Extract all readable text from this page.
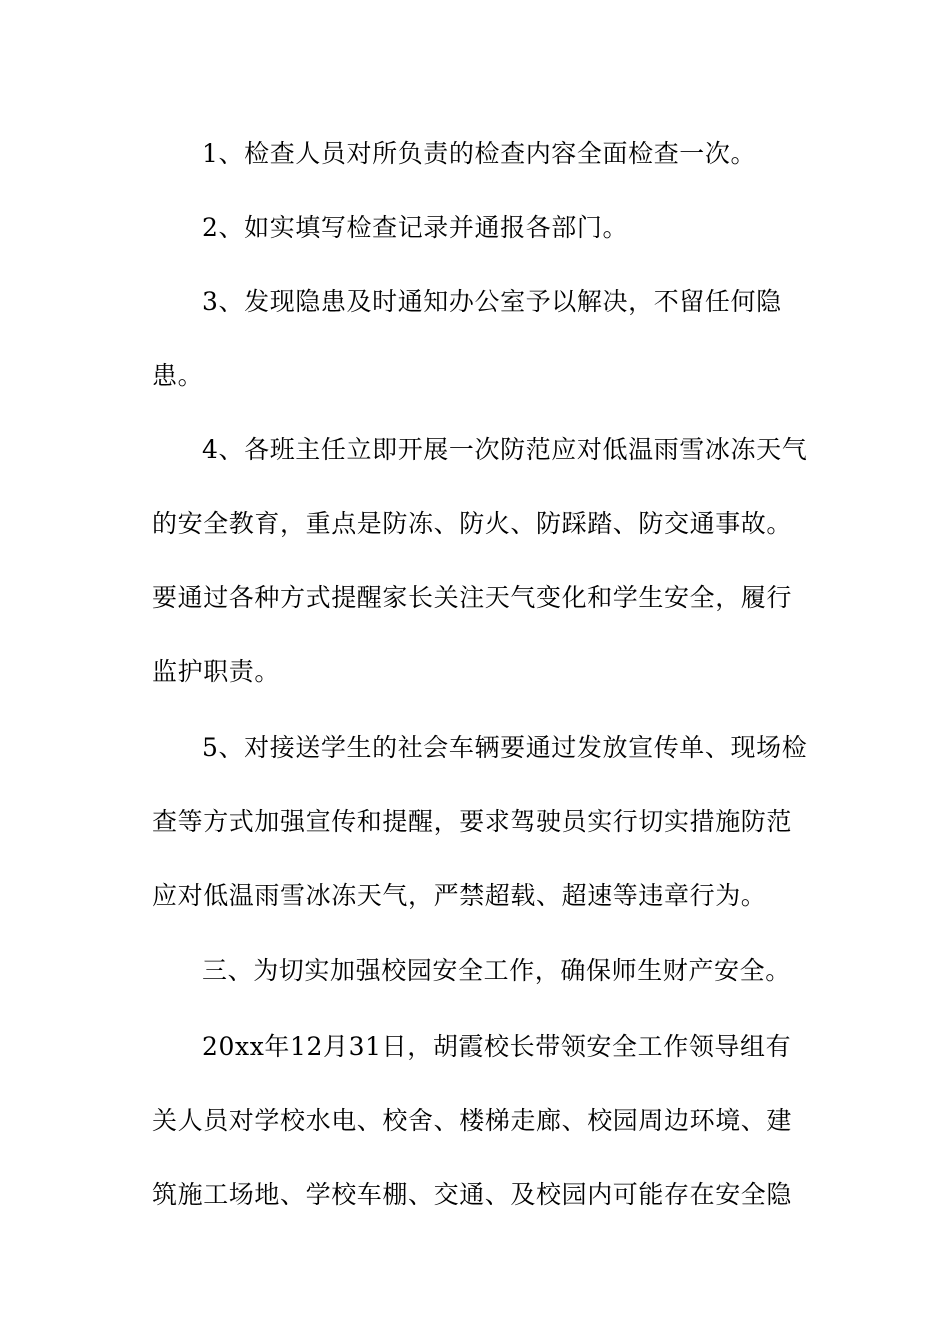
1、检查人员对所负责的检查内容全面检查一次。
2、如实填写检查记录并通报各部门。
3、发现隐患及时通知办公室予以解决，不留任何隐
患。
4、各班主任立即开展一次防范应对低温雨雪冰冻天气
的安全教育，重点是防冻、防火、防踩踏、防交通事故。
要通过各种方式提醒家长关注天气变化和学生安全，履行
监护职责。
5、对接送学生的社会车辆要通过发放宣传单、现场检
查等方式加强宣传和提醒，要求驾驶员实行切实措施防范
应对低温雨雪冰冻天气，严禁超载、超速等违章行为。
三、为切实加强校园安全工作，确保师生财产安全。
20xx年12月31日，胡霞校长带领安全工作领导组有
关人员对学校水电、校舍、楼梯走廊、校园周边环境、建
筑施工场地、学校车棚、交通、及校园内可能存在安全隐
